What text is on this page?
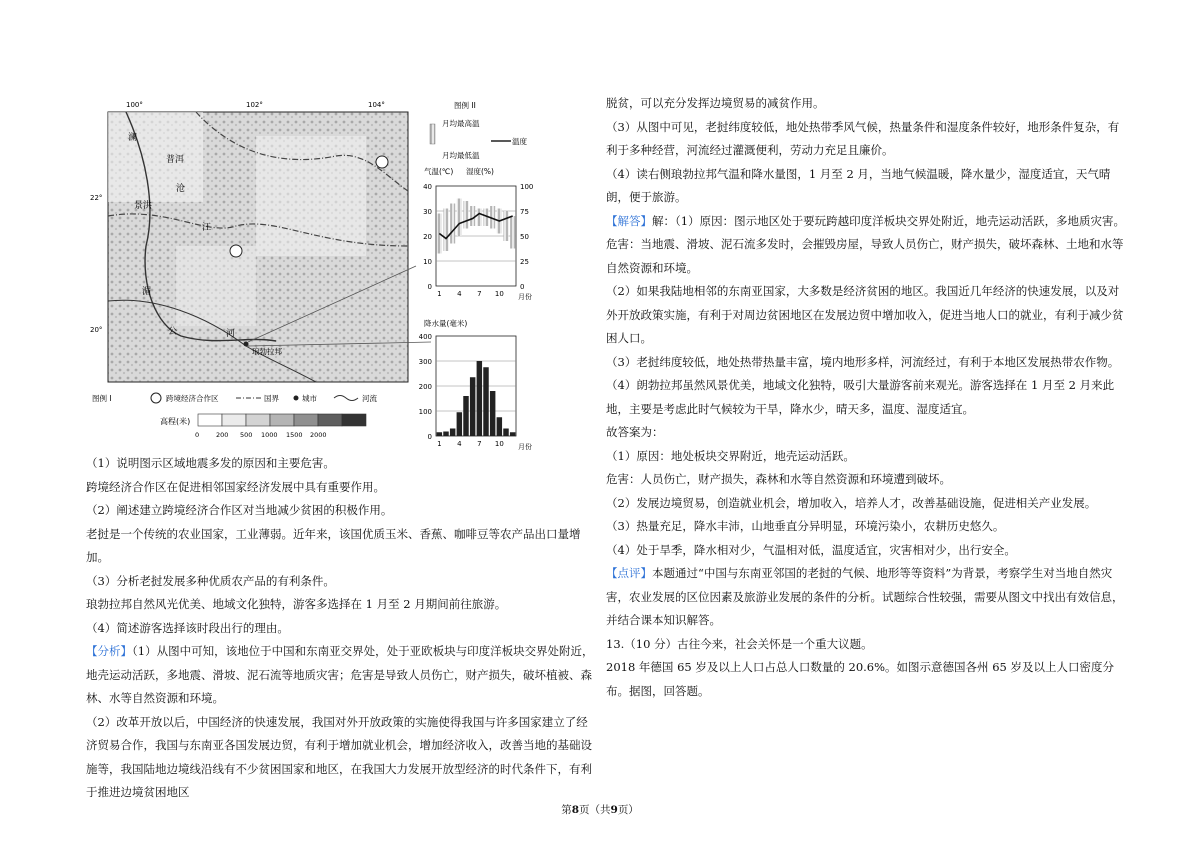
100°	102°	104°
22°
20°
澜
普洱
沧
景洪
江
湄
公	河
琅勃拉邦
图例 I	跨境经济合作区	国界	城市	河流
高程(米)
0	200 500 1000 1500 2000
图例 II
月均最高温
月均最低温
温度
气温(℃) 湿度(%)
40
30
20
10
0
100
75
50
25
0
1 4 7 10 月份
降水量(毫米)
400
300
200
100
0
1 4 7 10 月份

（1）说明图示区域地震多发的原因和主要危害。

跨境经济合作区在促进相邻国家经济发展中具有重要作用。

（2）阐述建立跨境经济合作区对当地减少贫困的积极作用。

老挝是一个传统的农业国家，工业薄弱。近年来，该国优质玉米、香蕉、咖啡豆等农产品出口量增加。

（3）分析老挝发展多种优质农产品的有利条件。

琅勃拉邦自然风光优美、地域文化独特，游客多选择在 1 月至 2 月期间前往旅游。

（4）简述游客选择该时段出行的理由。

【分析】（1）从图中可知，该地位于中国和东南亚交界处，处于亚欧板块与印度洋板块交界处附近，地壳运动活跃，多地震、滑坡、泥石流等地质灾害；危害是导致人员伤亡，财产损失，破坏植被、森林、水等自然资源和环境。

（2）改革开放以后，中国经济的快速发展，我国对外开放政策的实施使得我国与许多国家建立了经济贸易合作，我国与东南亚各国发展边贸，有利于增加就业机会，增加经济收入，改善当地的基础设施等，我国陆地边境线沿线有不少贫困国家和地区，在我国大力发展开放型经济的时代条件下，有利于推进边境贫困地区

脱贫，可以充分发挥边境贸易的减贫作用。

（3）从图中可见，老挝纬度较低，地处热带季风气候，热量条件和湿度条件较好，地形条件复杂，有利于多种经营，河流经过灌溉便利，劳动力充足且廉价。

（4）读右侧琅勃拉邦气温和降水量图，1 月至 2 月，当地气候温暖，降水量少，湿度适宜，天气晴朗，便于旅游。

【解答】解：（1）原因：图示地区处于要玩跨越印度洋板块交界处附近，地壳运动活跃，多地质灾害。危害：当地震、滑坡、泥石流多发时，会摧毁房屋，导致人员伤亡，财产损失，破坏森林、土地和水等自然资源和环境。

（2）如果我陆地相邻的东南亚国家，大多数是经济贫困的地区。我国近几年经济的快速发展，以及对外开放政策实施，有利于对周边贫困地区在发展边贸中增加收入，促进当地人口的就业，有利于减少贫困人口。

（3）老挝纬度较低，地处热带热量丰富，境内地形多样，河流经过，有利于本地区发展热带农作物。

（4）朗勃拉邦虽然风景优美，地域文化独特，吸引大量游客前来观光。游客选择在 1 月至 2 月来此地，主要是考虑此时气候较为干旱，降水少，晴天多，温度、湿度适宜。

故答案为：

（1）原因：地处板块交界附近，地壳运动活跃。

危害：人员伤亡，财产损失，森林和水等自然资源和环境遭到破坏。

（2）发展边境贸易，创造就业机会，增加收入，培养人才，改善基础设施，促进相关产业发展。

（3）热量充足，降水丰沛，山地垂直分异明显，环境污染小，农耕历史悠久。

（4）处于旱季，降水相对少，气温相对低，温度适宜，灾害相对少，出行安全。

【点评】本题通过“中国与东南亚邻国的老挝的气候、地形等等资料”为背景，考察学生对当地自然灾害，农业发展的区位因素及旅游业发展的条件的分析。试题综合性较强，需要从图文中找出有效信息，并结合课本知识解答。

13.（10 分）古往今来，社会关怀是一个重大议题。

2018 年德国 65 岁及以上人口占总人口数量的 20.6%。如图示意德国各州 65 岁及以上人口密度分布。据图，回答题。

第8页（共9页）
